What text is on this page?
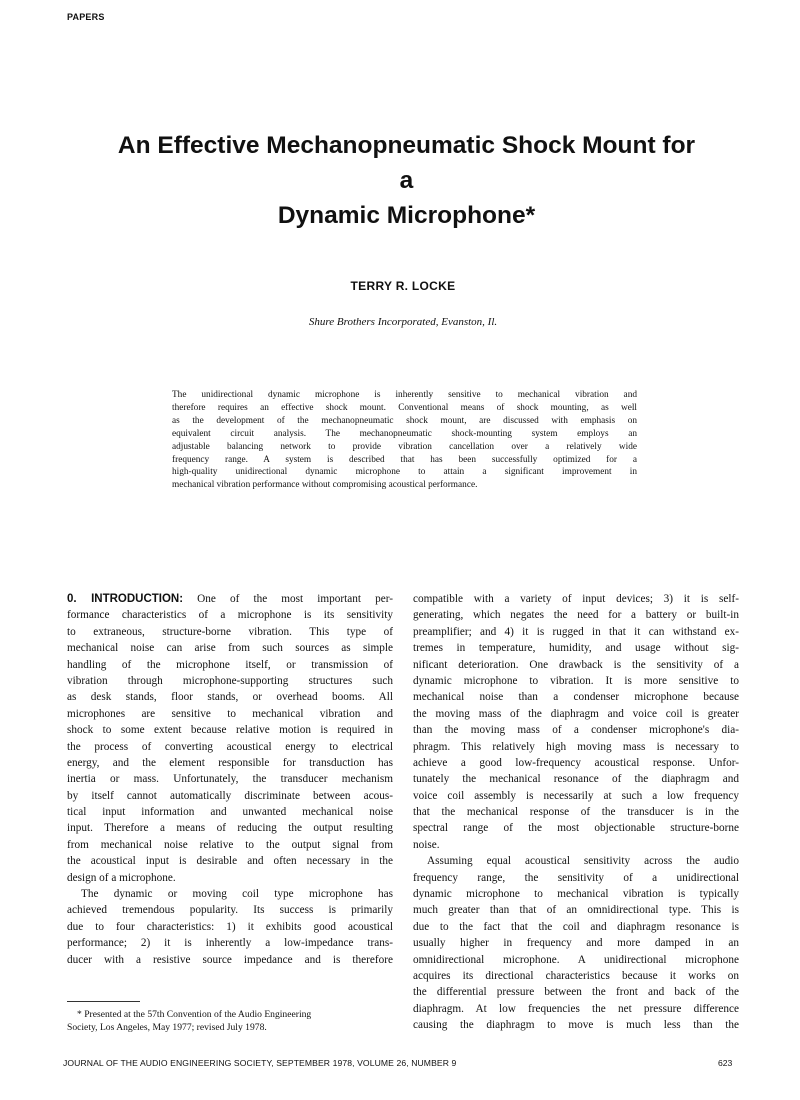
PAPERS
An Effective Mechanopneumatic Shock Mount for
a
Dynamic Microphone*
TERRY R. LOCKE
Shure Brothers Incorporated, Evanston, Il.
The unidirectional dynamic microphone is inherently sensitive to mechanical vibration and
therefore requires an effective shock mount. Conventional means of shock mounting, as well
as the development of the mechanopneumatic shock mount, are discussed with emphasis on
equivalent circuit analysis. The mechanopneumatic shock-mounting system employs an
adjustable balancing network to provide vibration cancellation over a relatively wide
frequency range. A system is described that has been successfully optimized for a
high-quality unidirectional dynamic microphone to attain a significant improvement in
mechanical vibration performance without compromising acoustical performance.
0. INTRODUCTION: One of the most important per-
formance characteristics of a microphone is its sensitivity
to extraneous, structure-borne vibration. This type of
mechanical noise can arise from such sources as simple
handling of the microphone itself, or transmission of
vibration through microphone-supporting structures such
as desk stands, floor stands, or overhead booms. All
microphones are sensitive to mechanical vibration and
shock to some extent because relative motion is required in
the process of converting acoustical energy to electrical
energy, and the element responsible for transduction has
inertia or mass. Unfortunately, the transducer mechanism
by itself cannot automatically discriminate between acous-
tical input information and unwanted mechanical noise
input. Therefore a means of reducing the output resulting
from mechanical noise relative to the output signal from
the acoustical input is desirable and often necessary in the
design of a microphone.
The dynamic or moving coil type microphone has
achieved tremendous popularity. Its success is primarily
due to four characteristics: 1) it exhibits good acoustical
performance; 2) it is inherently a low-impedance trans-
ducer with a resistive source impedance and is therefore
compatible with a variety of input devices; 3) it is self-
generating, which negates the need for a battery or built-in
preamplifier; and 4) it is rugged in that it can withstand ex-
tremes in temperature, humidity, and usage without sig-
nificant deterioration. One drawback is the sensitivity of a
dynamic microphone to vibration. It is more sensitive to
mechanical noise than a condenser microphone because
the moving mass of the diaphragm and voice coil is greater
than the moving mass of a condenser microphone's dia-
phragm. This relatively high moving mass is necessary to
achieve a good low-frequency acoustical response. Unfor-
tunately the mechanical resonance of the diaphragm and
voice coil assembly is necessarily at such a low frequency
that the mechanical response of the transducer is in the
spectral range of the most objectionable structure-borne
noise.
Assuming equal acoustical sensitivity across the audio
frequency range, the sensitivity of a unidirectional
dynamic microphone to mechanical vibration is typically
much greater than that of an omnidirectional type. This is
due to the fact that the coil and diaphragm resonance is
usually higher in frequency and more damped in an
omnidirectional microphone. A unidirectional microphone
acquires its directional characteristics because it works on
the differential pressure between the front and back of the
diaphragm. At low frequencies the net pressure difference
causing the diaphragm to move is much less than the
* Presented at the 57th Convention of the Audio Engineering
Society, Los Angeles, May 1977; revised July 1978.
JOURNAL OF THE AUDIO ENGINEERING SOCIETY, SEPTEMBER 1978, VOLUME 26, NUMBER 9	623
